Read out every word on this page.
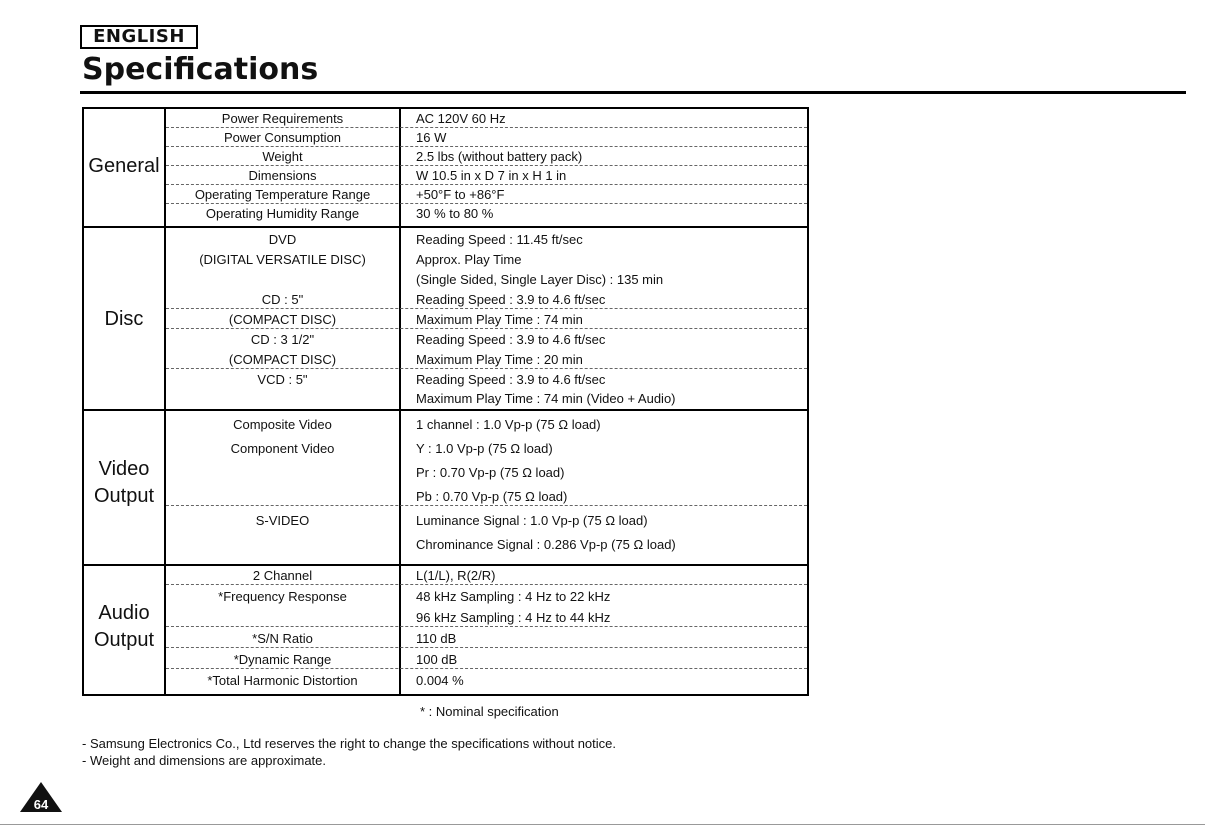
ENGLISH
Specifications
General
Power Requirements	AC 120V 60 Hz
Power Consumption	16 W
Weight	2.5 lbs (without battery pack)
Dimensions	W 10.5 in x D 7 in x H 1 in
Operating Temperature Range	+50°F to +86°F
Operating Humidity Range	30 % to 80 %
Disc
DVD	Reading Speed : 11.45 ft/sec
(DIGITAL VERSATILE DISC)	Approx. Play Time
(Single Sided, Single Layer Disc) : 135 min
CD : 5"	Reading Speed : 3.9 to 4.6 ft/sec
(COMPACT DISC)	Maximum Play Time : 74 min
CD : 3 1/2"	Reading Speed : 3.9 to 4.6 ft/sec
(COMPACT DISC)	Maximum Play Time : 20 min
VCD : 5"	Reading Speed : 3.9 to 4.6 ft/sec
Maximum Play Time : 74 min (Video + Audio)
Video
Output
Composite Video	1 channel : 1.0 Vp-p (75 Ω load)
Component Video	Y : 1.0 Vp-p (75 Ω load)
Pr : 0.70 Vp-p (75 Ω load)
Pb : 0.70 Vp-p (75 Ω load)
S-VIDEO	Luminance Signal : 1.0 Vp-p (75 Ω load)
Chrominance Signal : 0.286 Vp-p (75 Ω load)
Audio
Output
2 Channel	L(1/L), R(2/R)
*Frequency Response	48 kHz Sampling : 4 Hz to 22 kHz
96 kHz Sampling : 4 Hz to 44 kHz
*S/N Ratio	110 dB
*Dynamic Range	100 dB
*Total Harmonic Distortion	0.004 %
* : Nominal specification
- Samsung Electronics Co., Ltd reserves the right to change the specifications without notice.
- Weight and dimensions are approximate.
64
